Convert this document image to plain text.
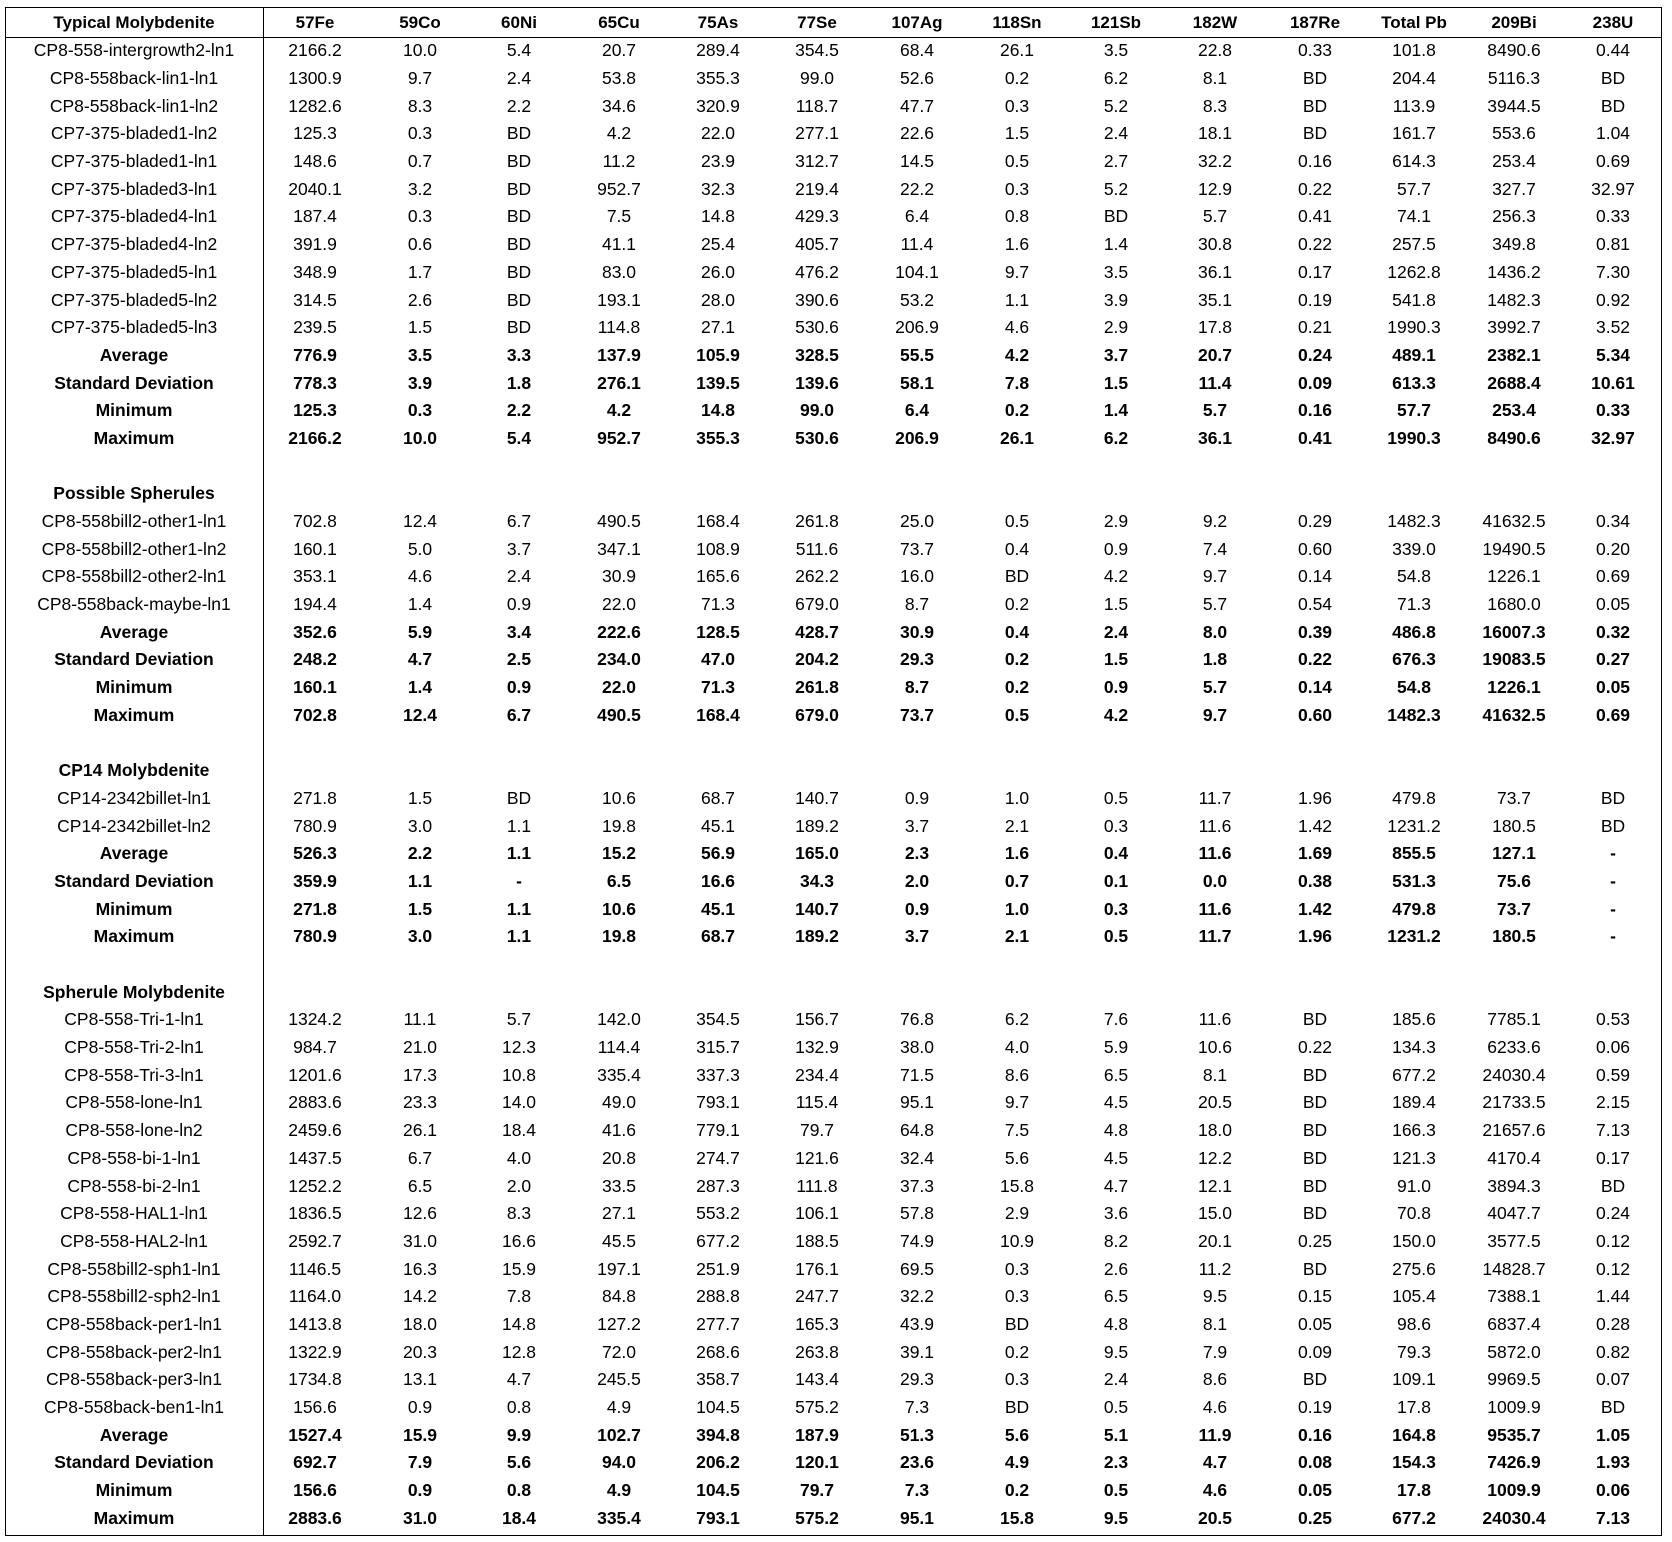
Typical Molybdenite	57Fe	59Co	60Ni	65Cu	75As	77Se	107Ag	118Sn	121Sb	182W	187Re	Total Pb	209Bi	238U
CP8-558-intergrowth2-ln1	2166.2	10.0	5.4	20.7	289.4	354.5	68.4	26.1	3.5	22.8	0.33	101.8	8490.6	0.44
CP8-558back-lin1-ln1	1300.9	9.7	2.4	53.8	355.3	99.0	52.6	0.2	6.2	8.1	BD	204.4	5116.3	BD
CP8-558back-lin1-ln2	1282.6	8.3	2.2	34.6	320.9	118.7	47.7	0.3	5.2	8.3	BD	113.9	3944.5	BD
CP7-375-bladed1-ln2	125.3	0.3	BD	4.2	22.0	277.1	22.6	1.5	2.4	18.1	BD	161.7	553.6	1.04
CP7-375-bladed1-ln1	148.6	0.7	BD	11.2	23.9	312.7	14.5	0.5	2.7	32.2	0.16	614.3	253.4	0.69
CP7-375-bladed3-ln1	2040.1	3.2	BD	952.7	32.3	219.4	22.2	0.3	5.2	12.9	0.22	57.7	327.7	32.97
CP7-375-bladed4-ln1	187.4	0.3	BD	7.5	14.8	429.3	6.4	0.8	BD	5.7	0.41	74.1	256.3	0.33
CP7-375-bladed4-ln2	391.9	0.6	BD	41.1	25.4	405.7	11.4	1.6	1.4	30.8	0.22	257.5	349.8	0.81
CP7-375-bladed5-ln1	348.9	1.7	BD	83.0	26.0	476.2	104.1	9.7	3.5	36.1	0.17	1262.8	1436.2	7.30
CP7-375-bladed5-ln2	314.5	2.6	BD	193.1	28.0	390.6	53.2	1.1	3.9	35.1	0.19	541.8	1482.3	0.92
CP7-375-bladed5-ln3	239.5	1.5	BD	114.8	27.1	530.6	206.9	4.6	2.9	17.8	0.21	1990.3	3992.7	3.52
Average	776.9	3.5	3.3	137.9	105.9	328.5	55.5	4.2	3.7	20.7	0.24	489.1	2382.1	5.34
Standard Deviation	778.3	3.9	1.8	276.1	139.5	139.6	58.1	7.8	1.5	11.4	0.09	613.3	2688.4	10.61
Minimum	125.3	0.3	2.2	4.2	14.8	99.0	6.4	0.2	1.4	5.7	0.16	57.7	253.4	0.33
Maximum	2166.2	10.0	5.4	952.7	355.3	530.6	206.9	26.1	6.2	36.1	0.41	1990.3	8490.6	32.97
Possible Spherules
CP8-558bill2-other1-ln1	702.8	12.4	6.7	490.5	168.4	261.8	25.0	0.5	2.9	9.2	0.29	1482.3	41632.5	0.34
CP8-558bill2-other1-ln2	160.1	5.0	3.7	347.1	108.9	511.6	73.7	0.4	0.9	7.4	0.60	339.0	19490.5	0.20
CP8-558bill2-other2-ln1	353.1	4.6	2.4	30.9	165.6	262.2	16.0	BD	4.2	9.7	0.14	54.8	1226.1	0.69
CP8-558back-maybe-ln1	194.4	1.4	0.9	22.0	71.3	679.0	8.7	0.2	1.5	5.7	0.54	71.3	1680.0	0.05
Average	352.6	5.9	3.4	222.6	128.5	428.7	30.9	0.4	2.4	8.0	0.39	486.8	16007.3	0.32
Standard Deviation	248.2	4.7	2.5	234.0	47.0	204.2	29.3	0.2	1.5	1.8	0.22	676.3	19083.5	0.27
Minimum	160.1	1.4	0.9	22.0	71.3	261.8	8.7	0.2	0.9	5.7	0.14	54.8	1226.1	0.05
Maximum	702.8	12.4	6.7	490.5	168.4	679.0	73.7	0.5	4.2	9.7	0.60	1482.3	41632.5	0.69
CP14 Molybdenite
CP14-2342billet-ln1	271.8	1.5	BD	10.6	68.7	140.7	0.9	1.0	0.5	11.7	1.96	479.8	73.7	BD
CP14-2342billet-ln2	780.9	3.0	1.1	19.8	45.1	189.2	3.7	2.1	0.3	11.6	1.42	1231.2	180.5	BD
Average	526.3	2.2	1.1	15.2	56.9	165.0	2.3	1.6	0.4	11.6	1.69	855.5	127.1	-
Standard Deviation	359.9	1.1	-	6.5	16.6	34.3	2.0	0.7	0.1	0.0	0.38	531.3	75.6	-
Minimum	271.8	1.5	1.1	10.6	45.1	140.7	0.9	1.0	0.3	11.6	1.42	479.8	73.7	-
Maximum	780.9	3.0	1.1	19.8	68.7	189.2	3.7	2.1	0.5	11.7	1.96	1231.2	180.5	-
Spherule Molybdenite
CP8-558-Tri-1-ln1	1324.2	11.1	5.7	142.0	354.5	156.7	76.8	6.2	7.6	11.6	BD	185.6	7785.1	0.53
CP8-558-Tri-2-ln1	984.7	21.0	12.3	114.4	315.7	132.9	38.0	4.0	5.9	10.6	0.22	134.3	6233.6	0.06
CP8-558-Tri-3-ln1	1201.6	17.3	10.8	335.4	337.3	234.4	71.5	8.6	6.5	8.1	BD	677.2	24030.4	0.59
CP8-558-lone-ln1	2883.6	23.3	14.0	49.0	793.1	115.4	95.1	9.7	4.5	20.5	BD	189.4	21733.5	2.15
CP8-558-lone-ln2	2459.6	26.1	18.4	41.6	779.1	79.7	64.8	7.5	4.8	18.0	BD	166.3	21657.6	7.13
CP8-558-bi-1-ln1	1437.5	6.7	4.0	20.8	274.7	121.6	32.4	5.6	4.5	12.2	BD	121.3	4170.4	0.17
CP8-558-bi-2-ln1	1252.2	6.5	2.0	33.5	287.3	111.8	37.3	15.8	4.7	12.1	BD	91.0	3894.3	BD
CP8-558-HAL1-ln1	1836.5	12.6	8.3	27.1	553.2	106.1	57.8	2.9	3.6	15.0	BD	70.8	4047.7	0.24
CP8-558-HAL2-ln1	2592.7	31.0	16.6	45.5	677.2	188.5	74.9	10.9	8.2	20.1	0.25	150.0	3577.5	0.12
CP8-558bill2-sph1-ln1	1146.5	16.3	15.9	197.1	251.9	176.1	69.5	0.3	2.6	11.2	BD	275.6	14828.7	0.12
CP8-558bill2-sph2-ln1	1164.0	14.2	7.8	84.8	288.8	247.7	32.2	0.3	6.5	9.5	0.15	105.4	7388.1	1.44
CP8-558back-per1-ln1	1413.8	18.0	14.8	127.2	277.7	165.3	43.9	BD	4.8	8.1	0.05	98.6	6837.4	0.28
CP8-558back-per2-ln1	1322.9	20.3	12.8	72.0	268.6	263.8	39.1	0.2	9.5	7.9	0.09	79.3	5872.0	0.82
CP8-558back-per3-ln1	1734.8	13.1	4.7	245.5	358.7	143.4	29.3	0.3	2.4	8.6	BD	109.1	9969.5	0.07
CP8-558back-ben1-ln1	156.6	0.9	0.8	4.9	104.5	575.2	7.3	BD	0.5	4.6	0.19	17.8	1009.9	BD
Average	1527.4	15.9	9.9	102.7	394.8	187.9	51.3	5.6	5.1	11.9	0.16	164.8	9535.7	1.05
Standard Deviation	692.7	7.9	5.6	94.0	206.2	120.1	23.6	4.9	2.3	4.7	0.08	154.3	7426.9	1.93
Minimum	156.6	0.9	0.8	4.9	104.5	79.7	7.3	0.2	0.5	4.6	0.05	17.8	1009.9	0.06
Maximum	2883.6	31.0	18.4	335.4	793.1	575.2	95.1	15.8	9.5	20.5	0.25	677.2	24030.4	7.13
